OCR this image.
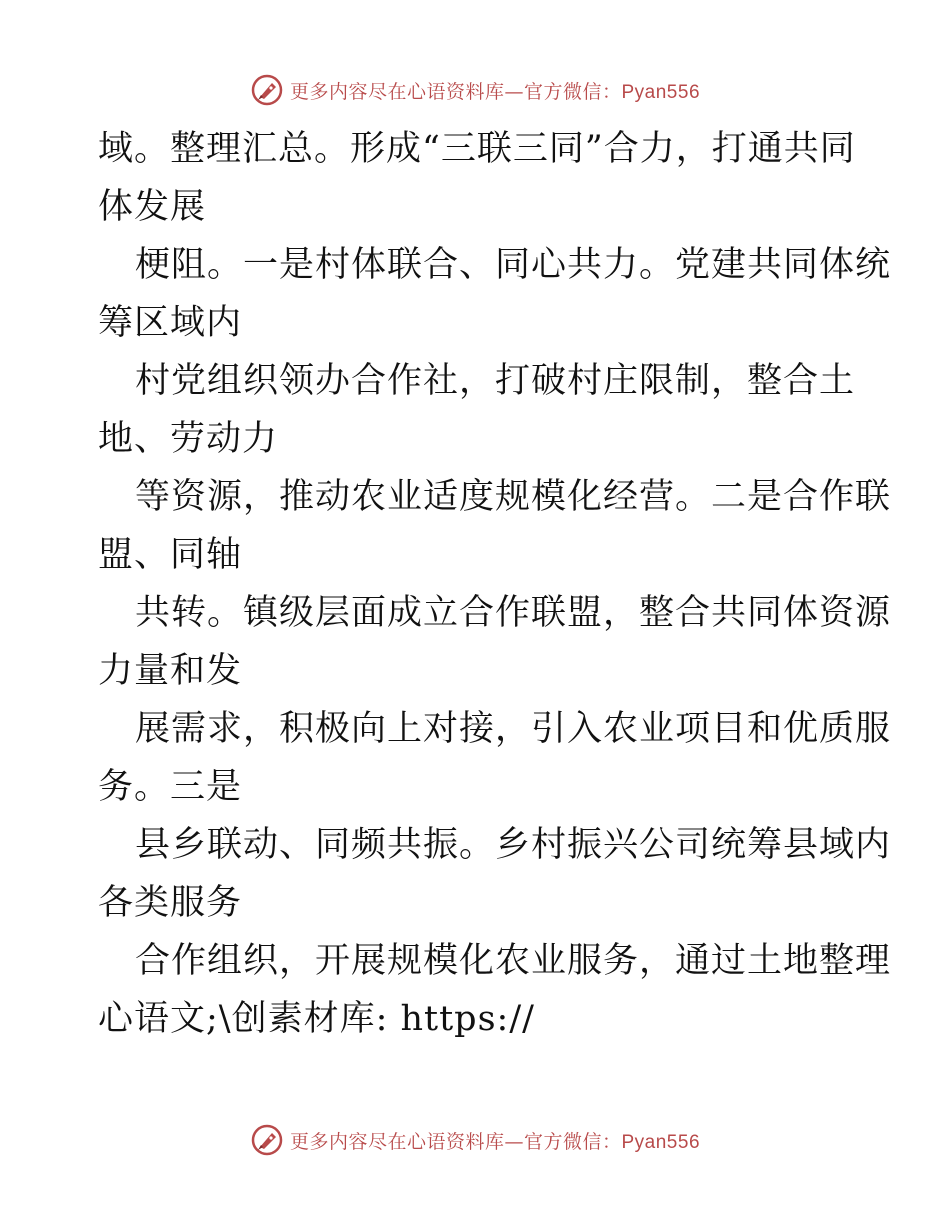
更多内容尽在心语资料库—官方微信：Pyan556
域。整理汇总。形成“三联三同”合力，打通共同
体发展
梗阻。一是村体联合、同心共力。党建共同体统
筹区域内
村党组织领办合作社，打破村庄限制，整合土
地、劳动力
等资源，推动农业适度规模化经营。二是合作联
盟、同轴
共转。镇级层面成立合作联盟，整合共同体资源
力量和发
展需求，积极向上对接，引入农业项目和优质服
务。三是
县乡联动、同频共振。乡村振兴公司统筹县域内
各类服务
合作组织，开展规模化农业服务，通过土地整理
心语文;\创素材库: https://
更多内容尽在心语资料库—官方微信：Pyan556
